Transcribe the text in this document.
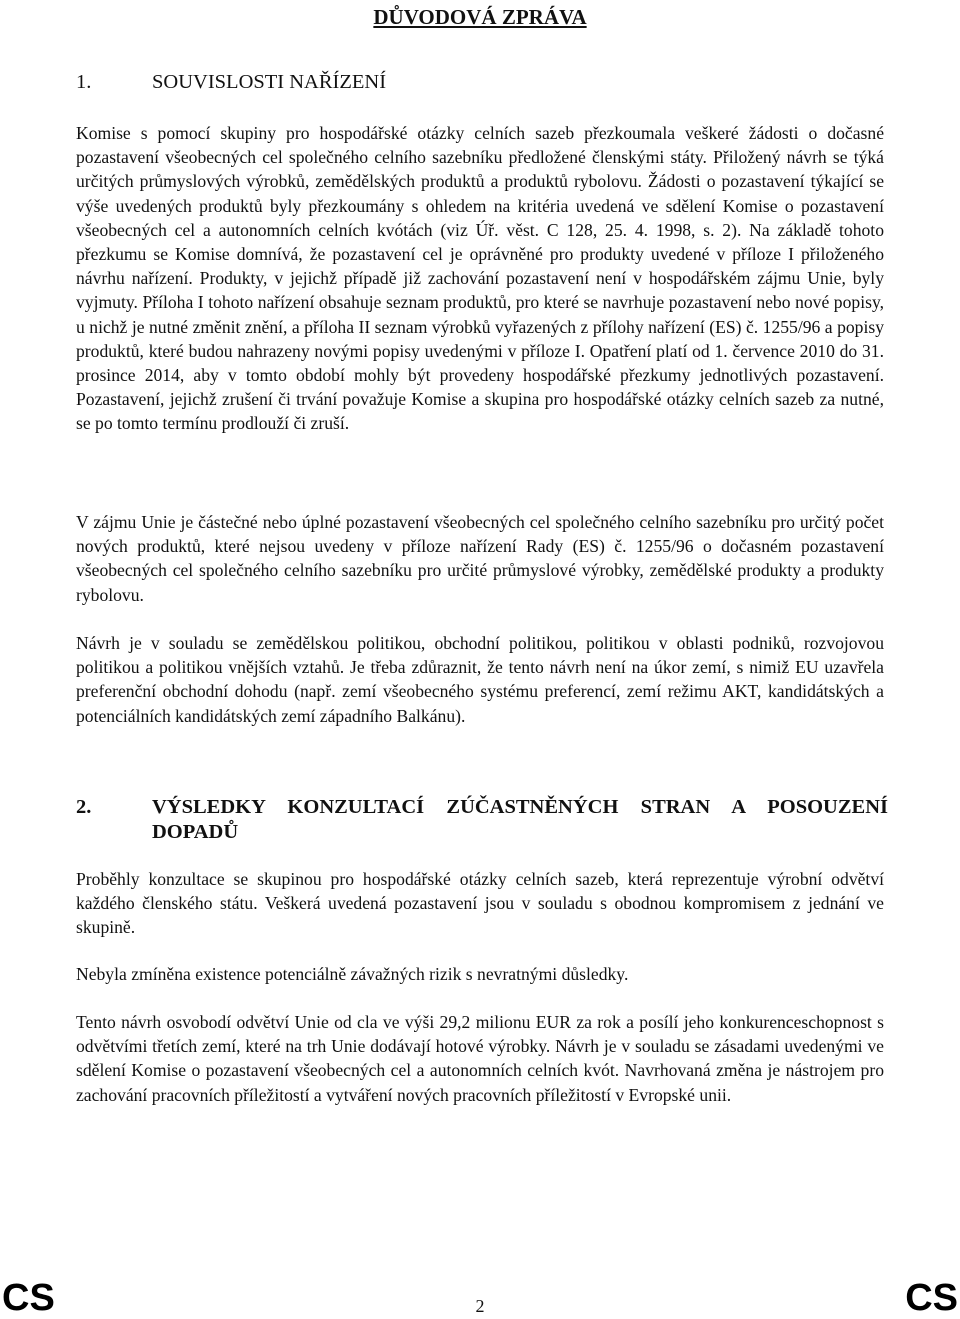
DŮVODOVÁ ZPRÁVA
1.	SOUVISLOSTI NAŘÍZENÍ

Komise s pomocí skupiny pro hospodářské otázky celních sazeb přezkoumala veškeré žádosti o dočasné pozastavení všeobecných cel společného celního sazebníku předložené členskými státy. Přiložený návrh se týká určitých průmyslových výrobků, zemědělských produktů a produktů rybolovu. Žádosti o pozastavení týkající se výše uvedených produktů byly přezkoumány s ohledem na kritéria uvedená ve sdělení Komise o pozastavení všeobecných cel a autonomních celních kvótách (viz Úř. věst. C 128, 25. 4. 1998, s. 2). Na základě tohoto přezkumu se Komise domnívá, že pozastavení cel je oprávněné pro produkty uvedené v příloze I přiloženého návrhu nařízení. Produkty, v jejichž případě již zachování pozastavení není v hospodářském zájmu Unie, byly vyjmuty. Příloha I tohoto nařízení obsahuje seznam produktů, pro které se navrhuje pozastavení nebo nové popisy, u nichž je nutné změnit znění, a příloha II seznam výrobků vyřazených z přílohy nařízení (ES) č. 1255/96 a popisy produktů, které budou nahrazeny novými popisy uvedenými v příloze I. Opatření platí od 1. července 2010 do 31. prosince 2014, aby v tomto období mohly být provedeny hospodářské přezkumy jednotlivých pozastavení. Pozastavení, jejichž zrušení či trvání považuje Komise a skupina pro hospodářské otázky celních sazeb za nutné, se po tomto termínu prodlouží či zruší.

V zájmu Unie je částečné nebo úplné pozastavení všeobecných cel společného celního sazebníku pro určitý počet nových produktů, které nejsou uvedeny v příloze nařízení Rady (ES) č. 1255/96 o dočasném pozastavení všeobecných cel společného celního sazebníku pro určité průmyslové výrobky, zemědělské produkty a produkty rybolovu.

Návrh je v souladu se zemědělskou politikou, obchodní politikou, politikou v oblasti podniků, rozvojovou politikou a politikou vnějších vztahů. Je třeba zdůraznit, že tento návrh není na úkor zemí, s nimiž EU uzavřela preferenční obchodní dohodu (např. zemí všeobecného systému preferencí, zemí režimu AKT, kandidátských a potenciálních kandidátských zemí západního Balkánu).

2.	VÝSLEDKY KONZULTACÍ ZÚČASTNĚNÝCH STRAN A POSOUZENÍ
DOPADŮ

Proběhly konzultace se skupinou pro hospodářské otázky celních sazeb, která reprezentuje výrobní odvětví každého členského státu. Veškerá uvedená pozastavení jsou v souladu s obodnou kompromisem z jednání ve skupině.

Nebyla zmíněna existence potenciálně závažných rizik s nevratnými důsledky.

Tento návrh osvobodí odvětví Unie od cla ve výši 29,2 milionu EUR za rok a posílí jeho konkurenceschopnost s odvětvími třetích zemí, které na trh Unie dodávají hotové výrobky. Návrh je v souladu se zásadami uvedenými ve sdělení Komise o pozastavení všeobecných cel a autonomních celních kvót. Navrhovaná změna je nástrojem pro zachování pracovních příležitostí a vytváření nových pracovních příležitostí v Evropské unii.

CS	2	CS
